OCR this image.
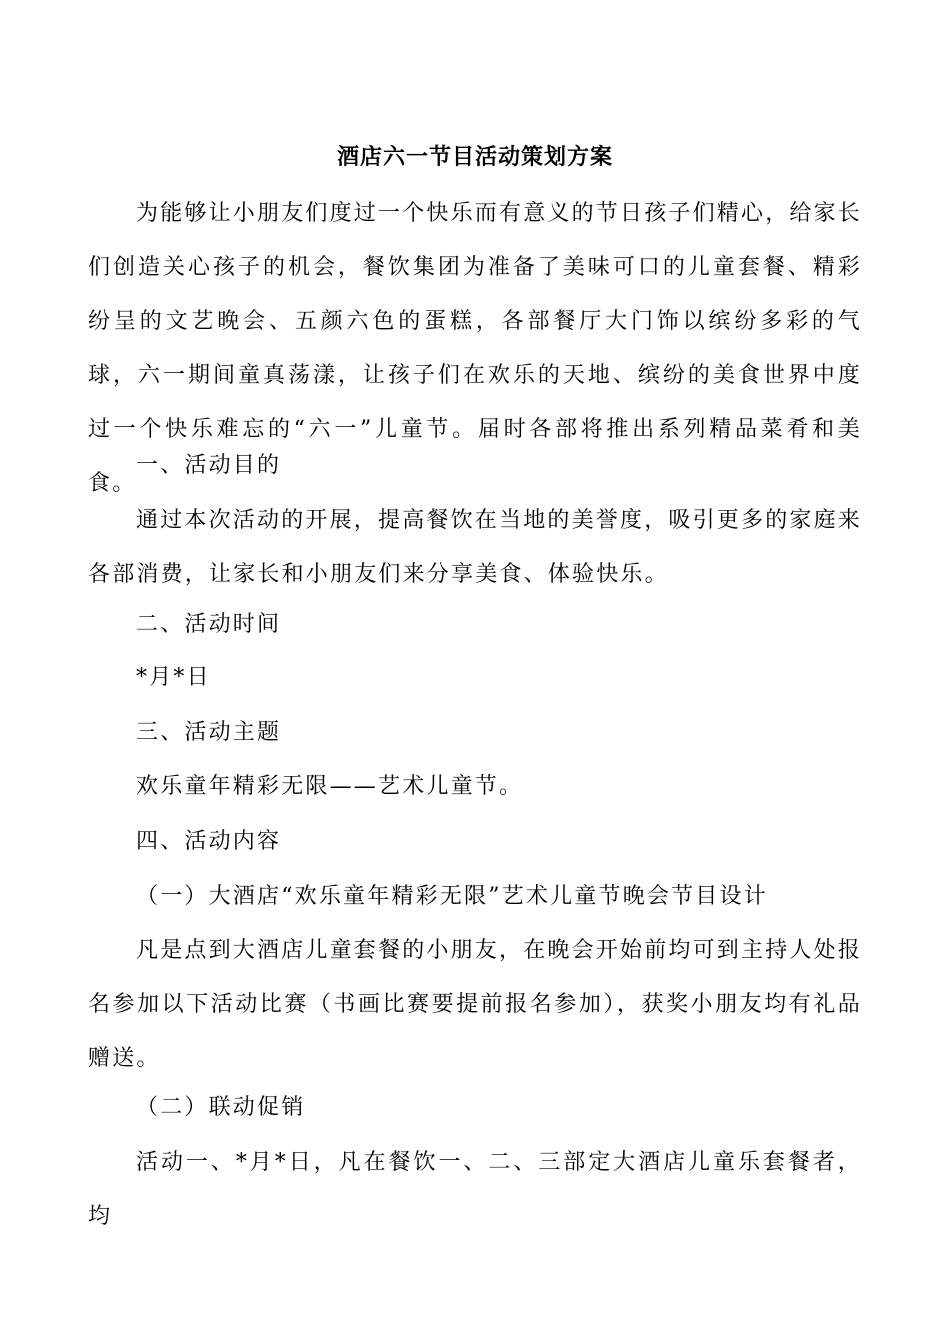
酒店六一节目活动策划方案

为能够让小朋友们度过一个快乐而有意义的节日孩子们精心，给家长们创造关心孩子的机会，餐饮集团为准备了美味可口的儿童套餐、精彩纷呈的文艺晚会、五颜六色的蛋糕，各部餐厅大门饰以缤纷多彩的气球，六一期间童真荡漾，让孩子们在欢乐的天地、缤纷的美食世界中度过一个快乐难忘的“六一”儿童节。届时各部将推出系列精品菜肴和美食。

一、活动目的

通过本次活动的开展，提高餐饮在当地的美誉度，吸引更多的家庭来各部消费，让家长和小朋友们来分享美食、体验快乐。

二、活动时间

*月*日

三、活动主题

欢乐童年精彩无限——艺术儿童节。

四、活动内容

（一）大酒店“欢乐童年精彩无限”艺术儿童节晚会节目设计

凡是点到大酒店儿童套餐的小朋友，在晚会开始前均可到主持人处报名参加以下活动比赛（书画比赛要提前报名参加），获奖小朋友均有礼品赠送。

（二）联动促销

活动一、*月*日，凡在餐饮一、二、三部定大酒店儿童乐套餐者，均
